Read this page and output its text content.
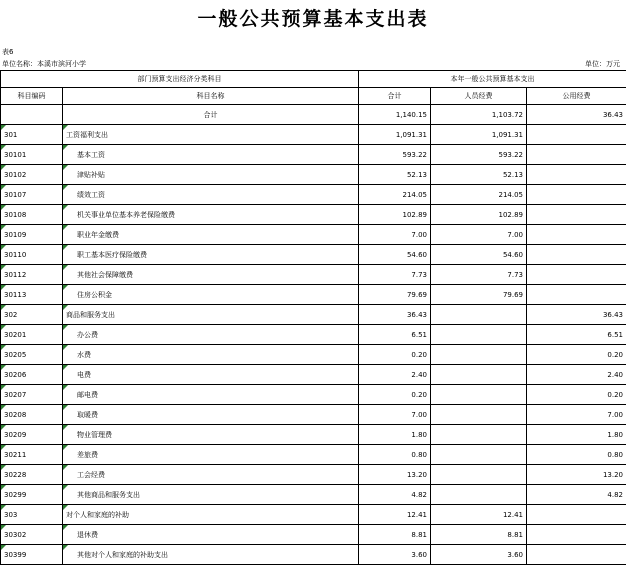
一般公共预算基本支出表
表6
单位名称：本溪市滨河小学	单位：万元
部门预算支出经济分类科目		本年一般公共预算基本支出		
科目编码	科目名称	合计	人员经费	公用经费
	合计	1,140.15	1,103.72	36.43
301	工资福利支出	1,091.31	1,091.31	
30101	基本工资	593.22	593.22	
30102	津贴补贴	52.13	52.13	
30107	绩效工资	214.05	214.05	
30108	机关事业单位基本养老保险缴费	102.89	102.89	
30109	职业年金缴费	7.00	7.00	
30110	职工基本医疗保险缴费	54.60	54.60	
30112	其他社会保障缴费	7.73	7.73	
30113	住房公积金	79.69	79.69	
302	商品和服务支出	36.43		36.43
30201	办公费	6.51		6.51
30205	水费	0.20		0.20
30206	电费	2.40		2.40
30207	邮电费	0.20		0.20
30208	取暖费	7.00		7.00
30209	物业管理费	1.80		1.80
30211	差旅费	0.80		0.80
30228	工会经费	13.20		13.20
30299	其他商品和服务支出	4.82		4.82
303	对个人和家庭的补助	12.41	12.41	
30302	退休费	8.81	8.81	
30399	其他对个人和家庭的补助支出	3.60	3.60	
